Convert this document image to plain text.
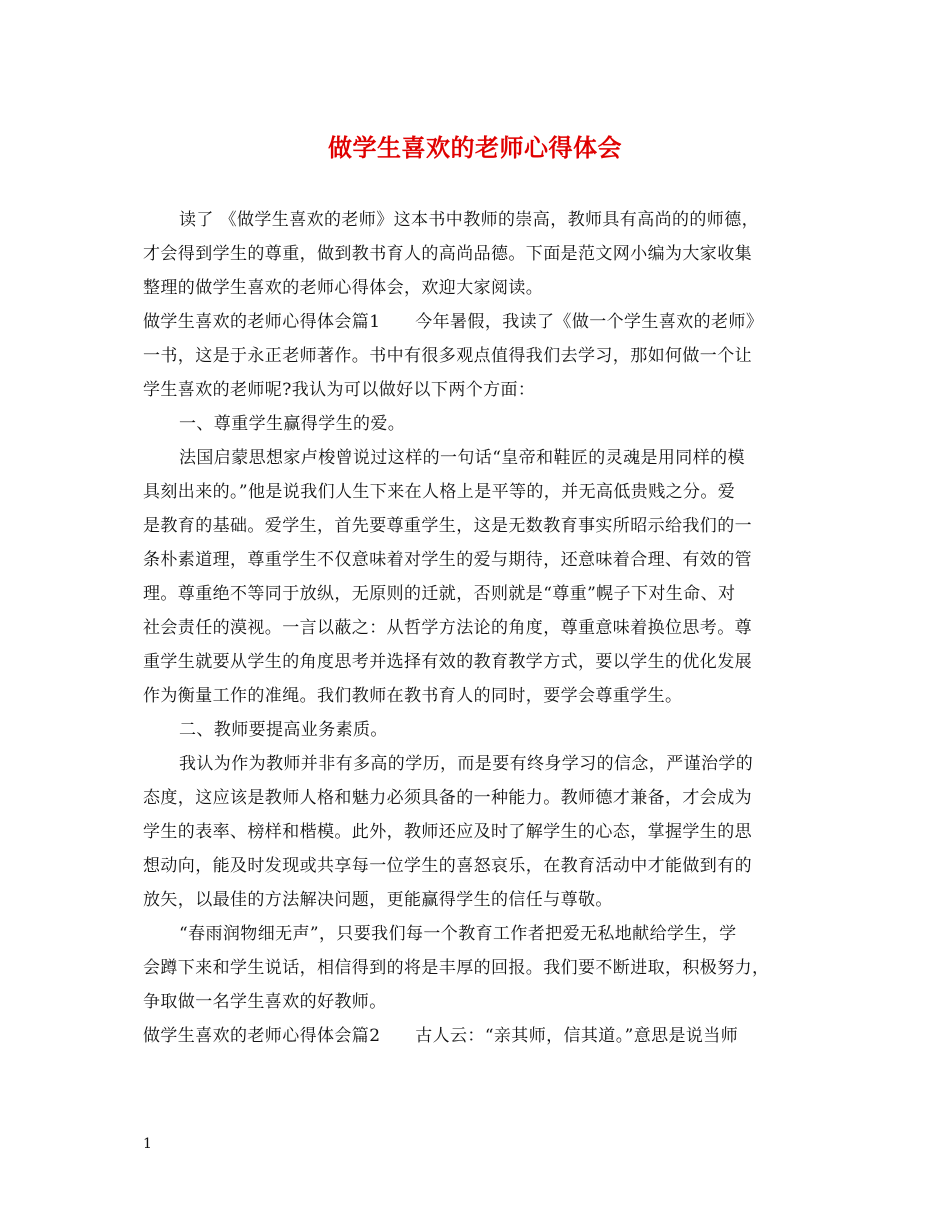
做学生喜欢的老师心得体会
读了 《做学生喜欢的老师》这本书中教师的崇高，教师具有高尚的的师德，
才会得到学生的尊重，做到教书育人的高尚品德。下面是范文网小编为大家收集
整理的做学生喜欢的老师心得体会，欢迎大家阅读。
做学生喜欢的老师心得体会篇1　　今年暑假，我读了《做一个学生喜欢的老师》
一书，这是于永正老师著作。书中有很多观点值得我们去学习，那如何做一个让
学生喜欢的老师呢?我认为可以做好以下两个方面：
一、尊重学生赢得学生的爱。
法国启蒙思想家卢梭曾说过这样的一句话“皇帝和鞋匠的灵魂是用同样的模
具刻出来的。”他是说我们人生下来在人格上是平等的，并无高低贵贱之分。爱
是教育的基础。爱学生，首先要尊重学生，这是无数教育事实所昭示给我们的一
条朴素道理，尊重学生不仅意味着对学生的爱与期待，还意味着合理、有效的管
理。尊重绝不等同于放纵，无原则的迁就，否则就是“尊重”幌子下对生命、对
社会责任的漠视。一言以蔽之：从哲学方法论的角度，尊重意味着换位思考。尊
重学生就要从学生的角度思考并选择有效的教育教学方式，要以学生的优化发展
作为衡量工作的准绳。我们教师在教书育人的同时，要学会尊重学生。
二、教师要提高业务素质。
我认为作为教师并非有多高的学历，而是要有终身学习的信念，严谨治学的
态度，这应该是教师人格和魅力必须具备的一种能力。教师德才兼备，才会成为
学生的表率、榜样和楷模。此外，教师还应及时了解学生的心态，掌握学生的思
想动向，能及时发现或共享每一位学生的喜怒哀乐，在教育活动中才能做到有的
放矢，以最佳的方法解决问题，更能赢得学生的信任与尊敬。
“春雨润物细无声”，只要我们每一个教育工作者把爱无私地献给学生，学
会蹲下来和学生说话，相信得到的将是丰厚的回报。我们要不断进取，积极努力，
争取做一名学生喜欢的好教师。
做学生喜欢的老师心得体会篇2　　古人云：“亲其师，信其道。”意思是说当师
1
